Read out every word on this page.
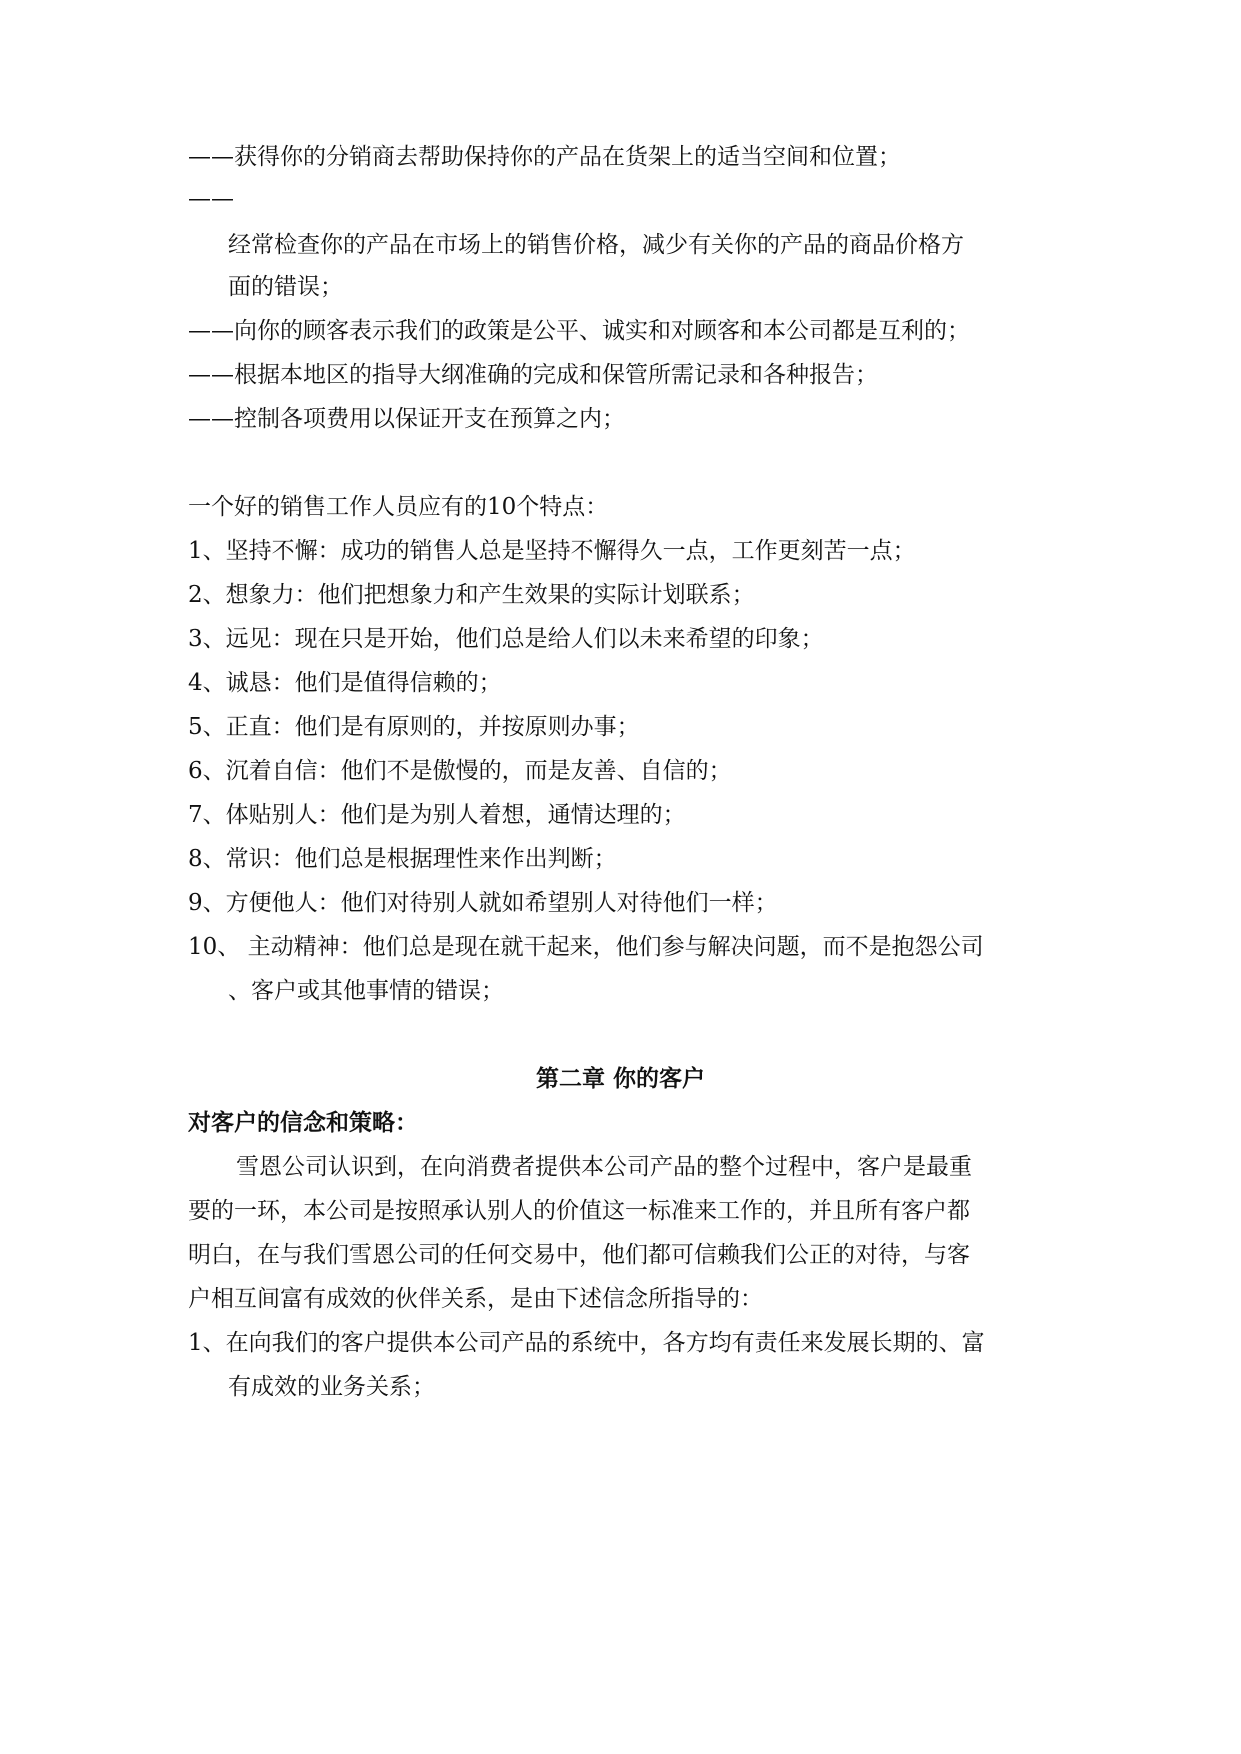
——获得你的分销商去帮助保持你的产品在货架上的适当空间和位置；
——
经常检查你的产品在市场上的销售价格，减少有关你的产品的商品价格方
面的错误；
——向你的顾客表示我们的政策是公平、诚实和对顾客和本公司都是互利的；
——根据本地区的指导大纲准确的完成和保管所需记录和各种报告；
——控制各项费用以保证开支在预算之内；
一个好的销售工作人员应有的10个特点：
1、坚持不懈：成功的销售人总是坚持不懈得久一点，工作更刻苦一点；
2、想象力：他们把想象力和产生效果的实际计划联系；
3、远见：现在只是开始，他们总是给人们以未来希望的印象；
4、诚恳：他们是值得信赖的；
5、正直：他们是有原则的，并按原则办事；
6、沉着自信：他们不是傲慢的，而是友善、自信的；
7、体贴别人：他们是为别人着想，通情达理的；
8、常识：他们总是根据理性来作出判断；
9、方便他人：他们对待别人就如希望别人对待他们一样；
10、 主动精神：他们总是现在就干起来，他们参与解决问题，而不是抱怨公司
、客户或其他事情的错误；
第二章 你的客户
对客户的信念和策略：
雪恩公司认识到，在向消费者提供本公司产品的整个过程中，客户是最重
要的一环，本公司是按照承认别人的价值这一标准来工作的，并且所有客户都
明白，在与我们雪恩公司的任何交易中，他们都可信赖我们公正的对待，与客
户相互间富有成效的伙伴关系，是由下述信念所指导的：
1、在向我们的客户提供本公司产品的系统中，各方均有责任来发展长期的、富
有成效的业务关系；
